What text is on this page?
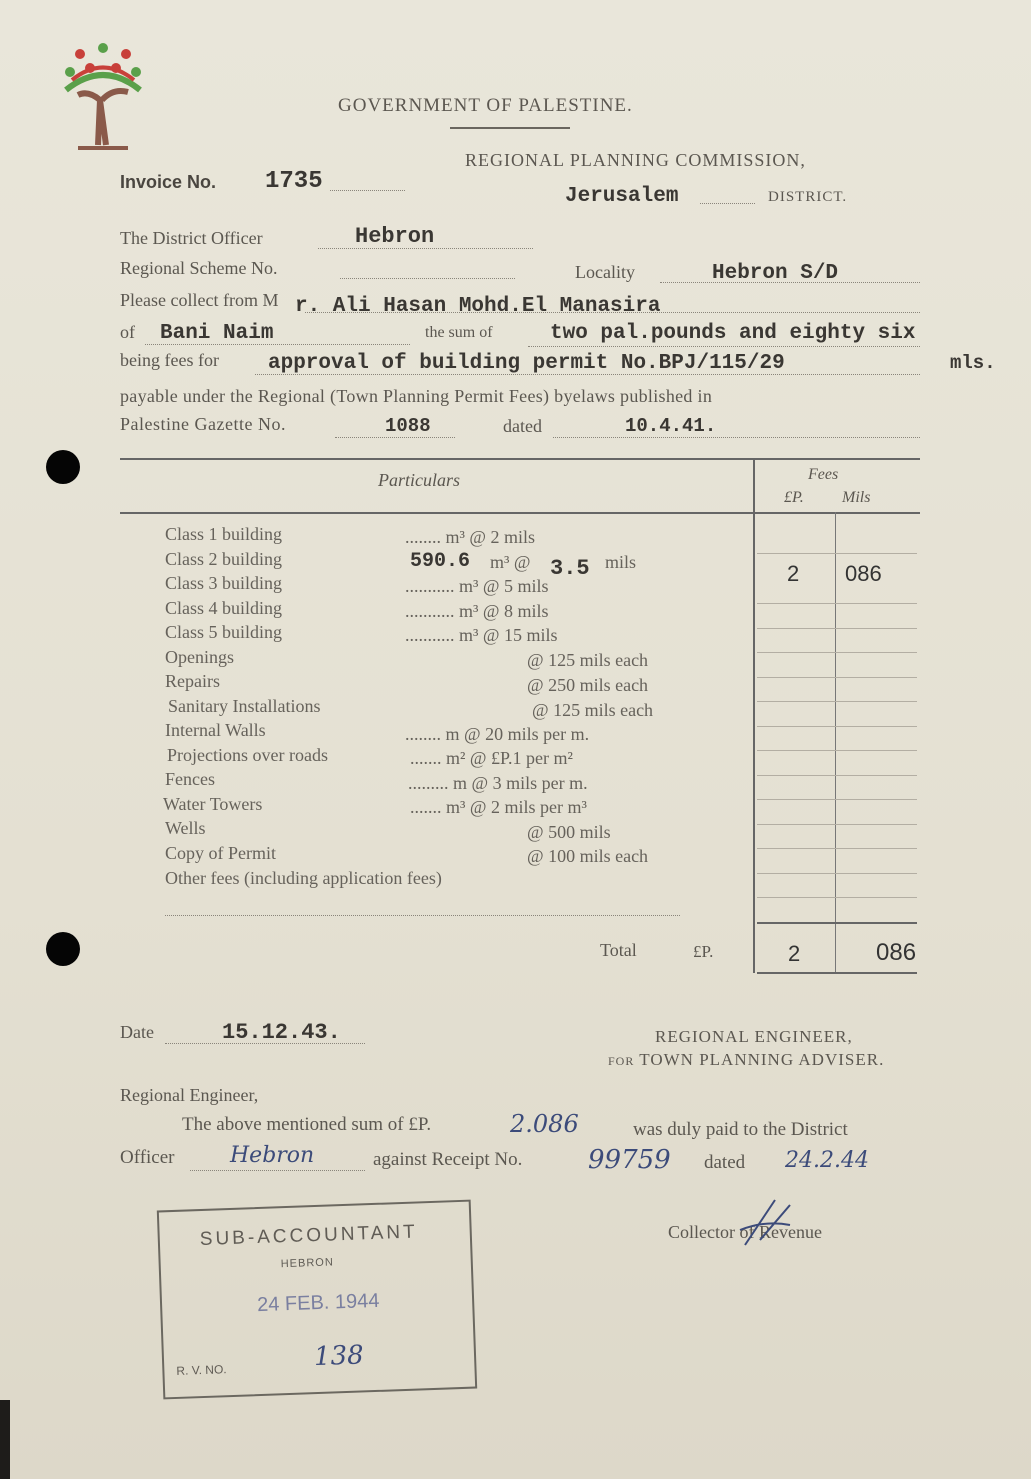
GOVERNMENT OF PALESTINE.
REGIONAL PLANNING COMMISSION,
Invoice No. 1735
Jerusalem	DISTRICT.
The District Officer	Hebron
Regional Scheme No.	Locality	Hebron S/D
Please collect from M r. Ali Hasan Mohd.El Manasira
of Bani Naim	the sum of	two pal.pounds and eighty six
being fees for approval of building permit No.BPJ/115/29	mls.
payable under the Regional (Town Planning Permit Fees) byelaws published in
Palestine Gazette No.	1088	dated	10.4.41.
Particulars	Fees
£P. Mils
Class 1 building	........ m³ @ 2 mils
Class 2 building	590.6 m³ @ 3.5 mils	2 086
Class 3 building	........... m³ @ 5 mils
Class 4 building	........... m³ @ 8 mils
Class 5 building	........... m³ @ 15 mils
Openings	@ 125 mils each
Repairs	@ 250 mils each
Sanitary Installations	@ 125 mils each
Internal Walls	........ m @ 20 mils per m.
Projections over roads	....... m² @ £P.1 per m²
Fences	......... m @ 3 mils per m.
Water Towers	....... m³ @ 2 mils per m³
Wells	@ 500 mils
Copy of Permit	@ 100 mils each
Other fees (including application fees)
Total	£P.	2	086
Date	15.12.43.	REGIONAL ENGINEER,
for TOWN PLANNING ADVISER.
Regional Engineer,
The above mentioned sum of £P.	2.086	was duly paid to the District
Officer	Hebron	against Receipt No.	99759 dated 24.2.44
Collector of Revenue
SUB-ACCOUNTANT
HEBRON
24 FEB. 1944
R. V. NO.	138
